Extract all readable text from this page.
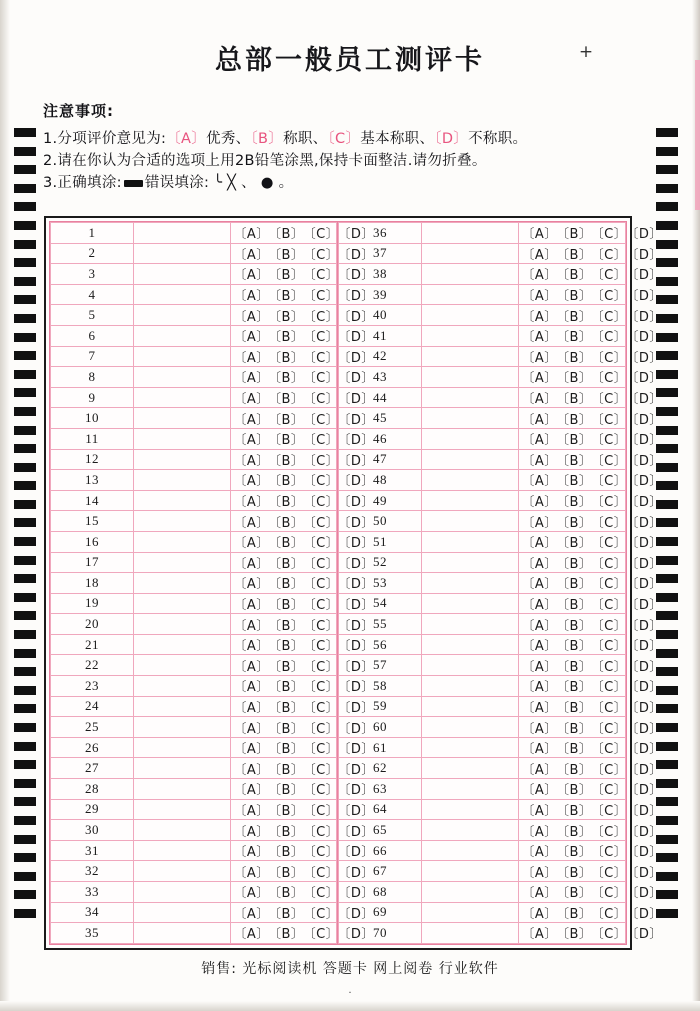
总部一般员工测评卡	+
注意事项:
1.分项评价意见为:〔A〕优秀、〔B〕称职、〔C〕基本称职、〔D〕不称职。
2.请在你认为合适的选项上用2B铅笔涂黑,保持卡面整洁.请勿折叠。
3.正确填涂: 错误填涂: ╰ ╳ 、 ● 。
1		〔A〕 〔B〕 〔C〕 〔D〕
2		〔A〕 〔B〕 〔C〕 〔D〕
3		〔A〕 〔B〕 〔C〕 〔D〕
4		〔A〕 〔B〕 〔C〕 〔D〕
5		〔A〕 〔B〕 〔C〕 〔D〕
6		〔A〕 〔B〕 〔C〕 〔D〕
7		〔A〕 〔B〕 〔C〕 〔D〕
8		〔A〕 〔B〕 〔C〕 〔D〕
9		〔A〕 〔B〕 〔C〕 〔D〕
10		〔A〕 〔B〕 〔C〕 〔D〕
11		〔A〕 〔B〕 〔C〕 〔D〕
12		〔A〕 〔B〕 〔C〕 〔D〕
13		〔A〕 〔B〕 〔C〕 〔D〕
14		〔A〕 〔B〕 〔C〕 〔D〕
15		〔A〕 〔B〕 〔C〕 〔D〕
16		〔A〕 〔B〕 〔C〕 〔D〕
17		〔A〕 〔B〕 〔C〕 〔D〕
18		〔A〕 〔B〕 〔C〕 〔D〕
19		〔A〕 〔B〕 〔C〕 〔D〕
20		〔A〕 〔B〕 〔C〕 〔D〕
21		〔A〕 〔B〕 〔C〕 〔D〕
22		〔A〕 〔B〕 〔C〕 〔D〕
23		〔A〕 〔B〕 〔C〕 〔D〕
24		〔A〕 〔B〕 〔C〕 〔D〕
25		〔A〕 〔B〕 〔C〕 〔D〕
26		〔A〕 〔B〕 〔C〕 〔D〕
27		〔A〕 〔B〕 〔C〕 〔D〕
28		〔A〕 〔B〕 〔C〕 〔D〕
29		〔A〕 〔B〕 〔C〕 〔D〕
30		〔A〕 〔B〕 〔C〕 〔D〕
31		〔A〕 〔B〕 〔C〕 〔D〕
32		〔A〕 〔B〕 〔C〕 〔D〕
33		〔A〕 〔B〕 〔C〕 〔D〕
34		〔A〕 〔B〕 〔C〕 〔D〕
35		〔A〕 〔B〕 〔C〕 〔D〕
36		〔A〕 〔B〕 〔C〕 〔D〕
37		〔A〕 〔B〕 〔C〕 〔D〕
38		〔A〕 〔B〕 〔C〕 〔D〕
39		〔A〕 〔B〕 〔C〕 〔D〕
40		〔A〕 〔B〕 〔C〕 〔D〕
41		〔A〕 〔B〕 〔C〕 〔D〕
42		〔A〕 〔B〕 〔C〕 〔D〕
43		〔A〕 〔B〕 〔C〕 〔D〕
44		〔A〕 〔B〕 〔C〕 〔D〕
45		〔A〕 〔B〕 〔C〕 〔D〕
46		〔A〕 〔B〕 〔C〕 〔D〕
47		〔A〕 〔B〕 〔C〕 〔D〕
48		〔A〕 〔B〕 〔C〕 〔D〕
49		〔A〕 〔B〕 〔C〕 〔D〕
50		〔A〕 〔B〕 〔C〕 〔D〕
51		〔A〕 〔B〕 〔C〕 〔D〕
52		〔A〕 〔B〕 〔C〕 〔D〕
53		〔A〕 〔B〕 〔C〕 〔D〕
54		〔A〕 〔B〕 〔C〕 〔D〕
55		〔A〕 〔B〕 〔C〕 〔D〕
56		〔A〕 〔B〕 〔C〕 〔D〕
57		〔A〕 〔B〕 〔C〕 〔D〕
58		〔A〕 〔B〕 〔C〕 〔D〕
59		〔A〕 〔B〕 〔C〕 〔D〕
60		〔A〕 〔B〕 〔C〕 〔D〕
61		〔A〕 〔B〕 〔C〕 〔D〕
62		〔A〕 〔B〕 〔C〕 〔D〕
63		〔A〕 〔B〕 〔C〕 〔D〕
64		〔A〕 〔B〕 〔C〕 〔D〕
65		〔A〕 〔B〕 〔C〕 〔D〕
66		〔A〕 〔B〕 〔C〕 〔D〕
67		〔A〕 〔B〕 〔C〕 〔D〕
68		〔A〕 〔B〕 〔C〕 〔D〕
69		〔A〕 〔B〕 〔C〕 〔D〕
70		〔A〕 〔B〕 〔C〕 〔D〕
销售: 光标阅读机 答题卡 网上阅卷 行业软件
.
